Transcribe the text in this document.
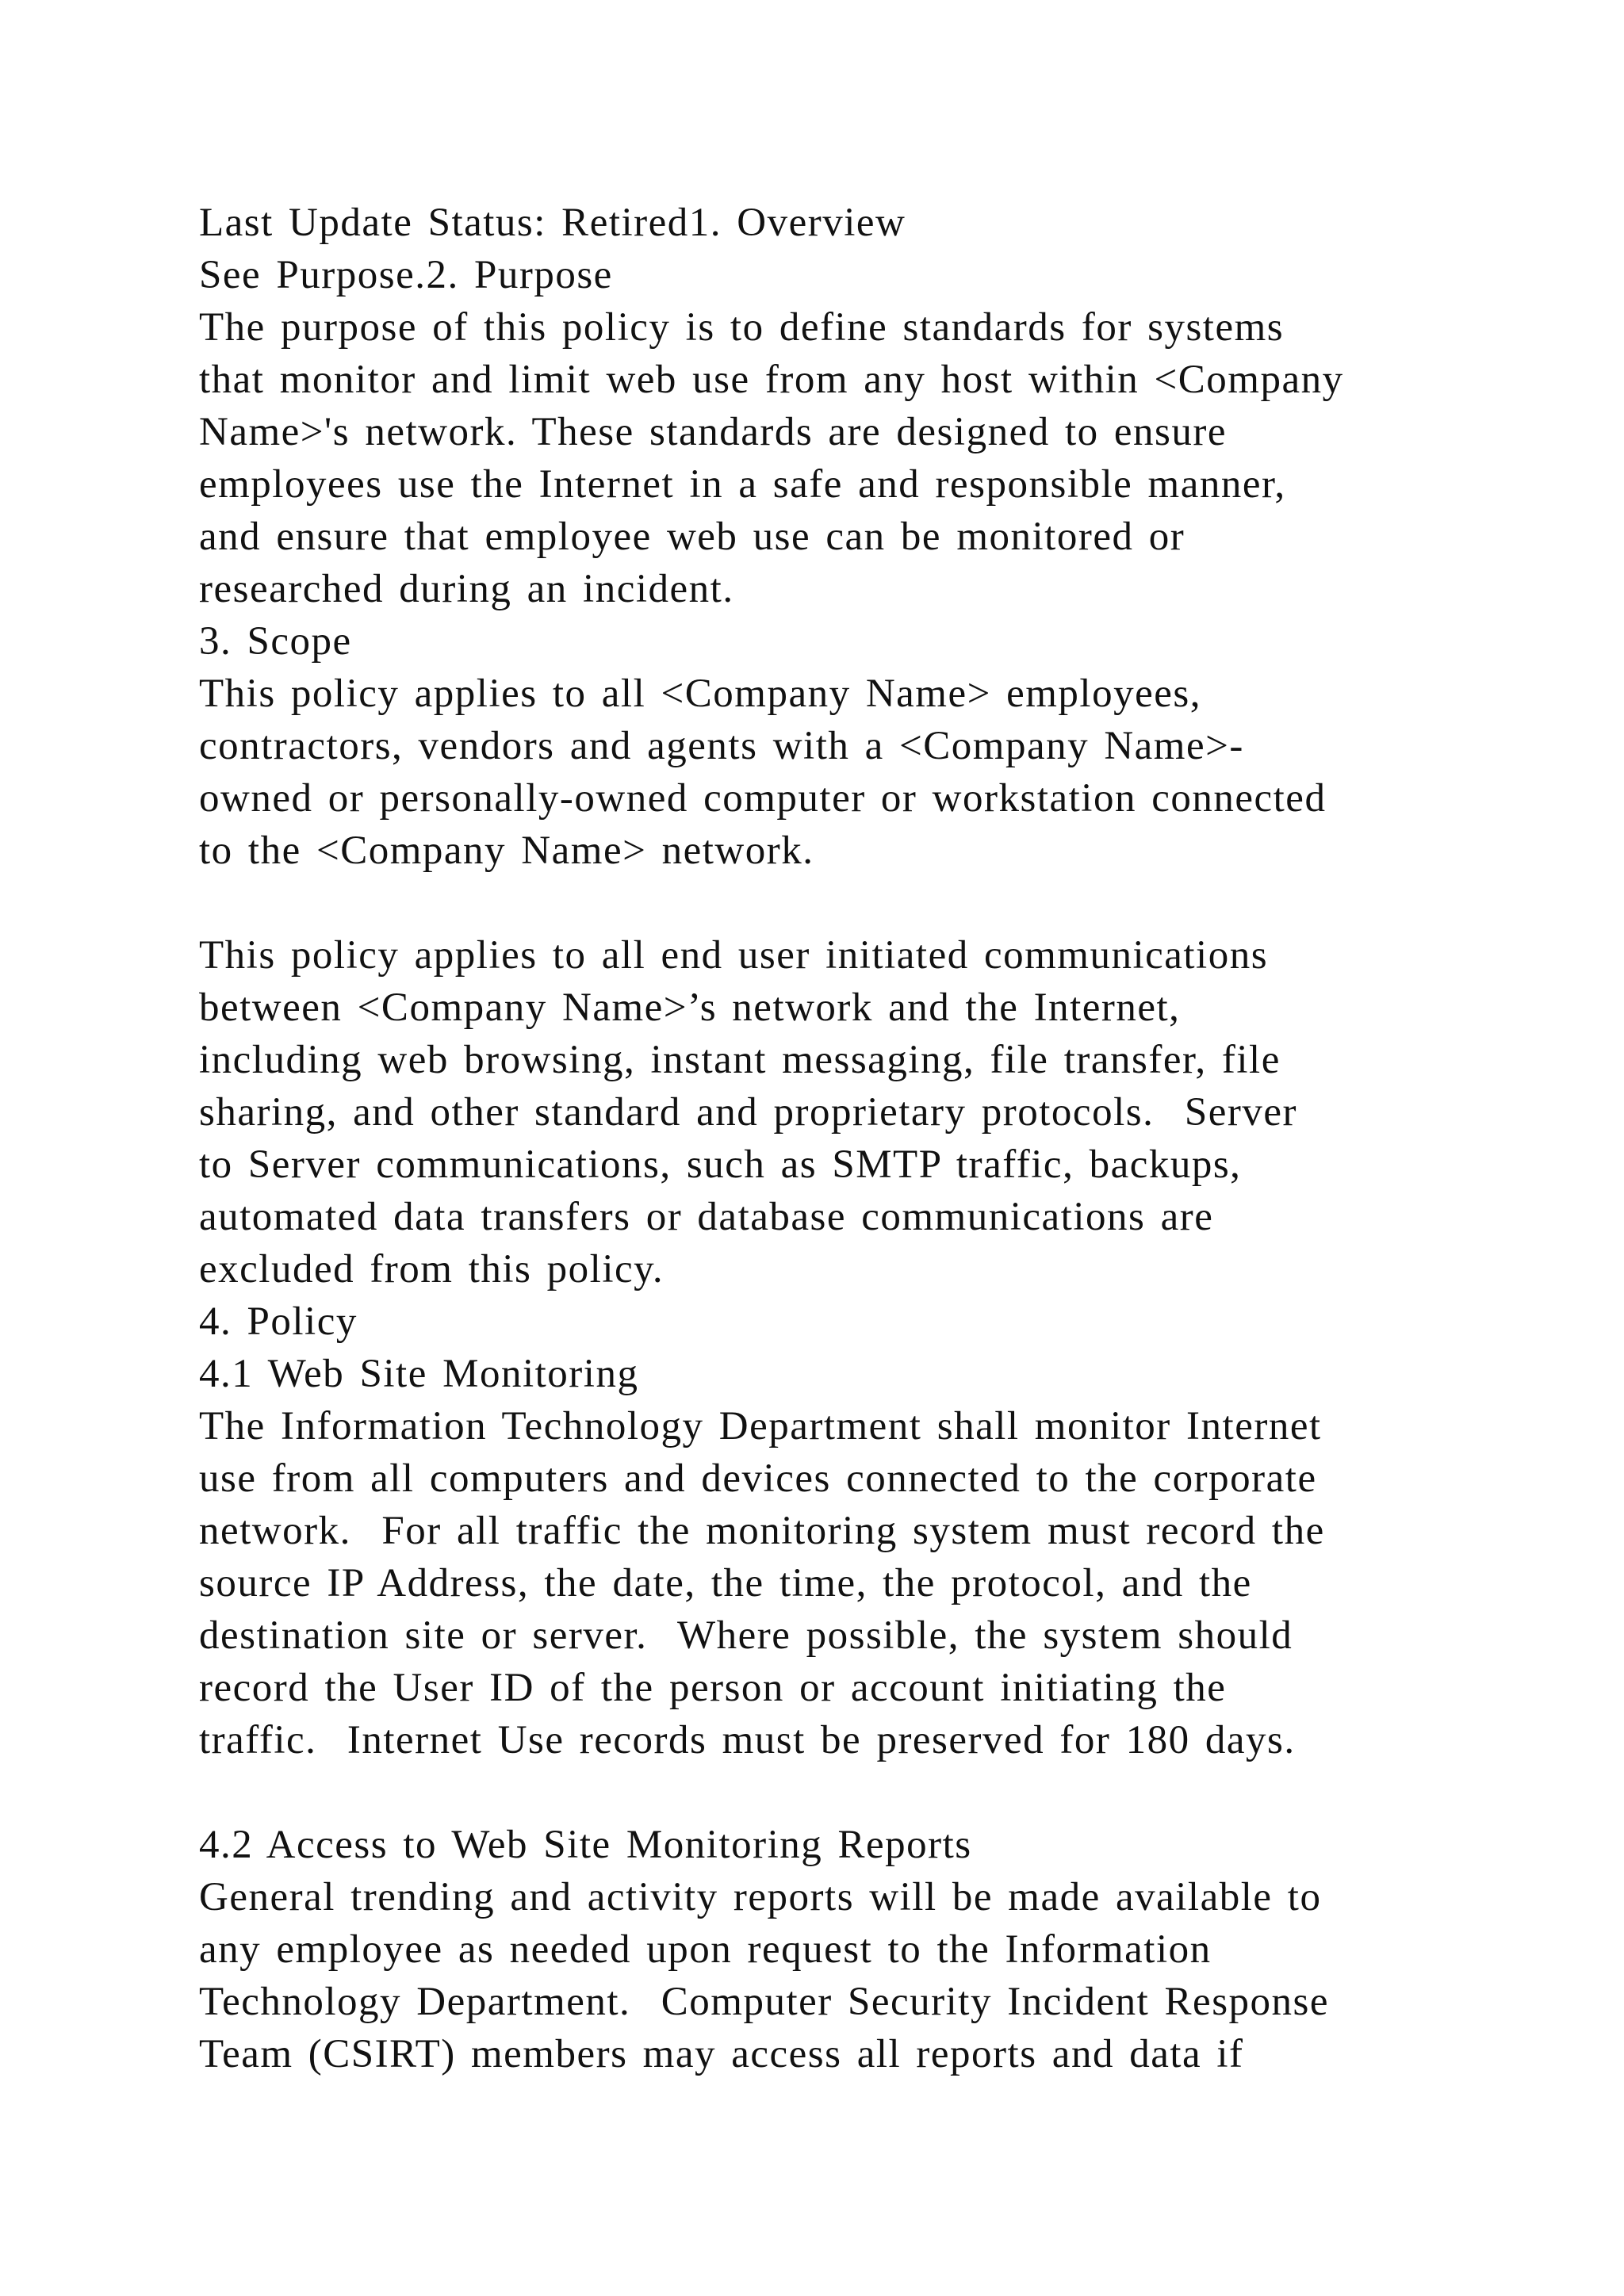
Last Update Status: Retired1. Overview
See Purpose.2. Purpose
The purpose of this policy is to define standards for systems
that monitor and limit web use from any host within <Company
Name>'s network. These standards are designed to ensure
employees use the Internet in a safe and responsible manner,
and ensure that employee web use can be monitored or
researched during an incident.
3. Scope
This policy applies to all <Company Name> employees,
contractors, vendors and agents with a <Company Name>-
owned or personally-owned computer or workstation connected
to the <Company Name> network.
This policy applies to all end user initiated communications
between <Company Name>’s network and the Internet,
including web browsing, instant messaging, file transfer, file
sharing, and other standard and proprietary protocols.  Server
to Server communications, such as SMTP traffic, backups,
automated data transfers or database communications are
excluded from this policy.
4. Policy
4.1 Web Site Monitoring
The Information Technology Department shall monitor Internet
use from all computers and devices connected to the corporate
network.  For all traffic the monitoring system must record the
source IP Address, the date, the time, the protocol, and the
destination site or server.  Where possible, the system should
record the User ID of the person or account initiating the
traffic.  Internet Use records must be preserved for 180 days.
4.2 Access to Web Site Monitoring Reports
General trending and activity reports will be made available to
any employee as needed upon request to the Information
Technology Department.  Computer Security Incident Response
Team (CSIRT) members may access all reports and data if
